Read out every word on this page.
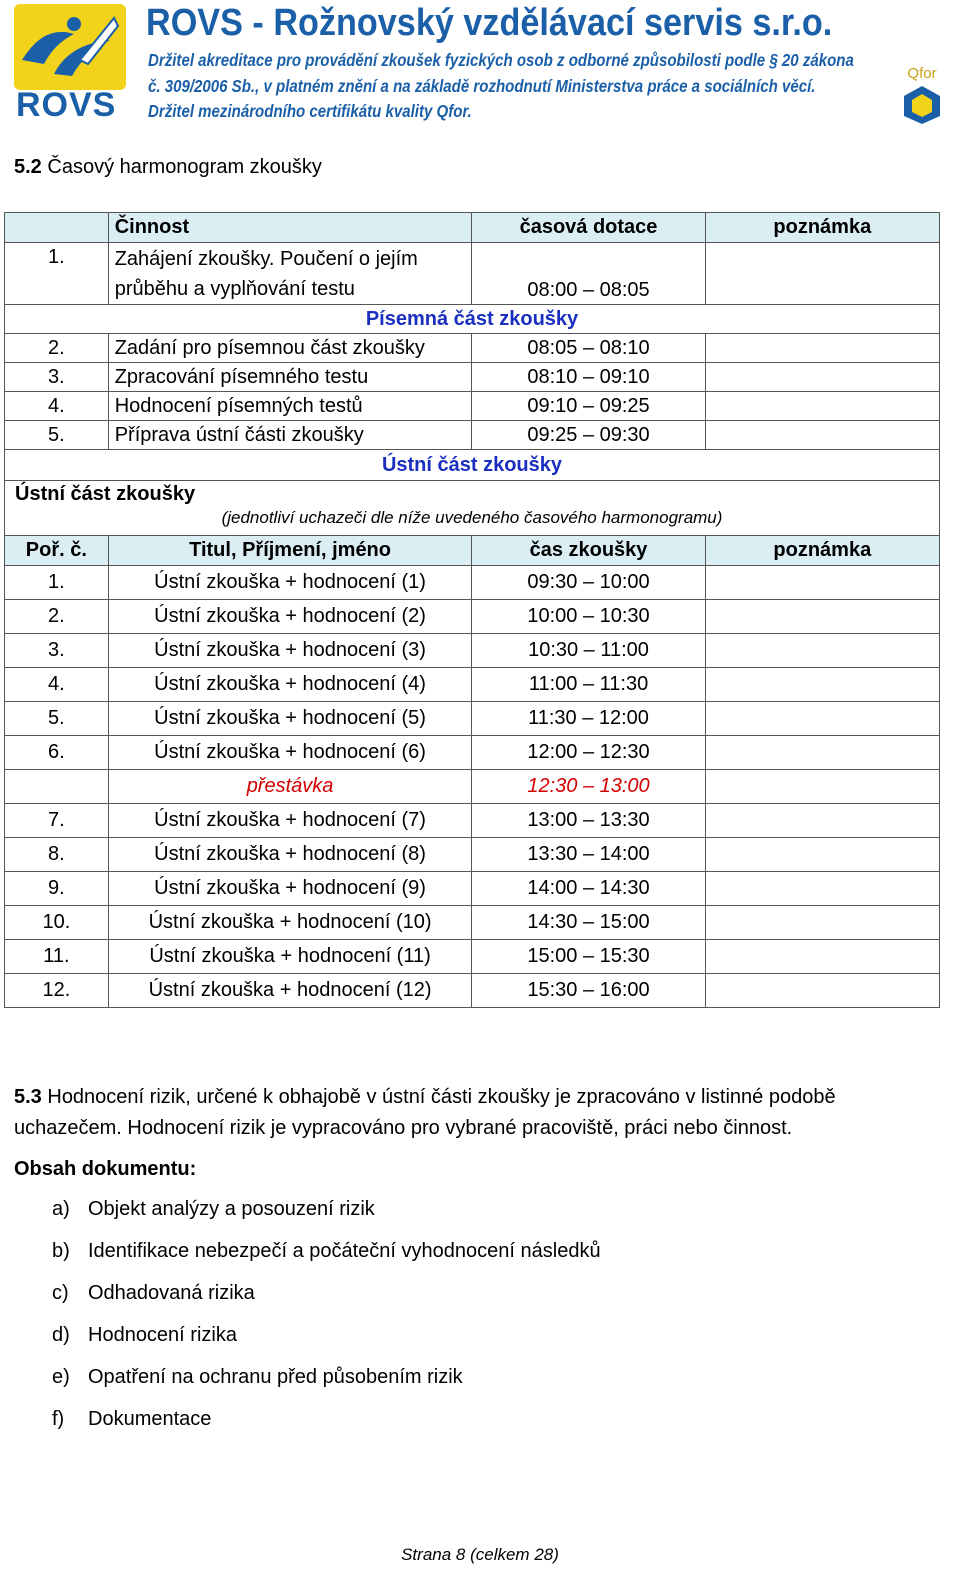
ROVS
ROVS - Rožnovský vzdělávací servis s.r.o.
Držitel akreditace pro provádění zkoušek fyzických osob z odborné způsobilosti podle § 20 zákona
č. 309/2006 Sb., v platném znění a na základě rozhodnutí Ministerstva práce a sociálních věcí.
Držitel mezinárodního certifikátu kvality Qfor.
Qfor
5.2 Časový harmonogram zkoušky
	Činnost	časová dotace	poznámka
1.	Zahájení zkoušky. Poučení o jejím
průběhu a vyplňování testu	08:00 – 08:05	
Písemná část zkoušky			
2.	Zadání pro písemnou část zkoušky	08:05 – 08:10	
3.	Zpracování písemného testu	08:10 – 09:10	
4.	Hodnocení písemných testů	09:10 – 09:25	
5.	Příprava ústní části zkoušky	09:25 – 09:30	
Ústní část zkoušky			

Ústní část zkoušky
(jednotliví uchazeči dle níže uvedeného časového harmonogramu)			

Poř. č.	Titul, Příjmení, jméno	čas zkoušky	poznámka
1.	Ústní zkouška + hodnocení (1)	09:30 – 10:00	
2.	Ústní zkouška + hodnocení (2)	10:00 – 10:30	
3.	Ústní zkouška + hodnocení (3)	10:30 – 11:00	
4.	Ústní zkouška + hodnocení (4)	11:00 – 11:30	
5.	Ústní zkouška + hodnocení (5)	11:30 – 12:00	
6.	Ústní zkouška + hodnocení (6)	12:00 – 12:30	
	přestávka	12:30 – 13:00	
7.	Ústní zkouška + hodnocení (7)	13:00 – 13:30	
8.	Ústní zkouška + hodnocení (8)	13:30 – 14:00	
9.	Ústní zkouška + hodnocení (9)	14:00 – 14:30	
10.	Ústní zkouška + hodnocení (10)	14:30 – 15:00	
11.	Ústní zkouška + hodnocení (11)	15:00 – 15:30	
12.	Ústní zkouška + hodnocení (12)	15:30 – 16:00	
5.3 Hodnocení rizik, určené k obhajobě v ústní části zkoušky je zpracováno v listinné podobě
uchazečem. Hodnocení rizik je vypracováno pro vybrané pracoviště, práci nebo činnost.
Obsah dokumentu:
a) Objekt analýzy a posouzení rizik
b) Identifikace nebezpečí a počáteční vyhodnocení následků
c) Odhadovaná rizika
d) Hodnocení rizika
e) Opatření na ochranu před působením rizik
f) Dokumentace
Strana 8 (celkem 28)
